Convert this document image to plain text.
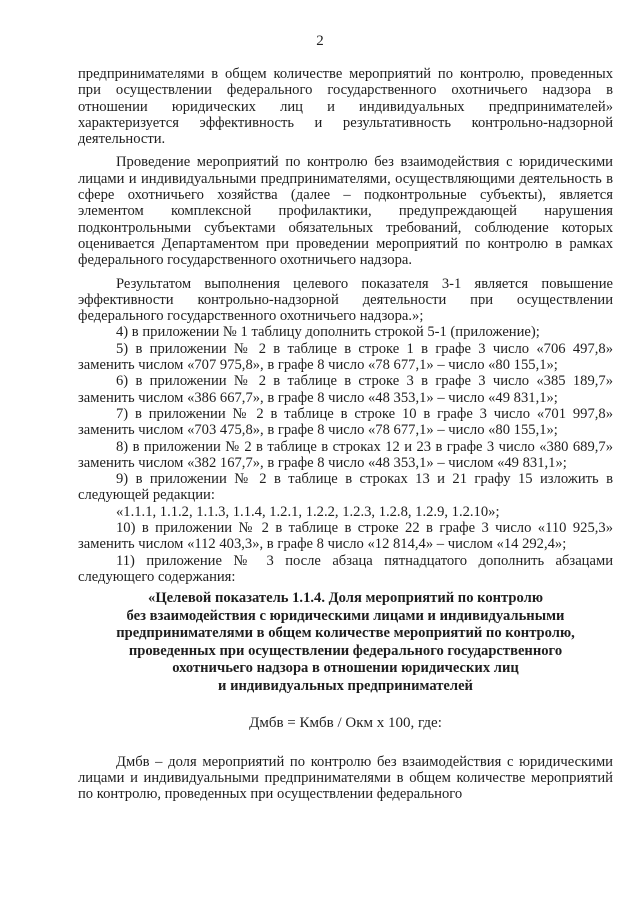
2

предпринимателями в общем количестве мероприятий по контролю, проведенных при осуществлении федерального государственного охотничьего надзора в отношении юридических лиц и индивидуальных предпринимателей» характеризуется эффективность и результативность контрольно-надзорной деятельности.

Проведение мероприятий по контролю без взаимодействия с юридическими лицами и индивидуальными предпринимателями, осуществляющими деятельность в сфере охотничьего хозяйства (далее – подконтрольные субъекты), является элементом комплексной профилактики, предупреждающей нарушения подконтрольными субъектами обязательных требований, соблюдение которых оценивается Департаментом при проведении мероприятий по контролю в рамках федерального государственного охотничьего надзора.

Результатом выполнения целевого показателя 3-1 является повышение эффективности контрольно-надзорной деятельности при осуществлении федерального государственного охотничьего надзора.»;

4) в приложении № 1 таблицу дополнить строкой 5-1 (приложение);

5) в приложении № 2 в таблице в строке 1 в графе 3 число «706 497,8» заменить числом «707 975,8», в графе 8 число «78 677,1» – число «80 155,1»;

6) в приложении № 2 в таблице в строке 3 в графе 3 число «385 189,7» заменить числом «386 667,7», в графе 8 число «48 353,1» – число «49 831,1»;

7) в приложении № 2 в таблице в строке 10 в графе 3 число «701 997,8» заменить числом «703 475,8», в графе 8 число «78 677,1» – число «80 155,1»;

8) в приложении № 2 в таблице в строках 12 и 23 в графе 3 число «380 689,7» заменить числом «382 167,7», в графе 8 число «48 353,1» – числом «49 831,1»;

9) в приложении № 2 в таблице в строках 13 и 21 графу 15 изложить в следующей редакции:

«1.1.1, 1.1.2, 1.1.3, 1.1.4, 1.2.1, 1.2.2, 1.2.3, 1.2.8, 1.2.9, 1.2.10»;

10) в приложении № 2 в таблице в строке 22 в графе 3 число «110 925,3» заменить числом «112 403,3», в графе 8 число «12 814,4» – числом «14 292,4»;

11) приложение № 3 после абзаца пятнадцатого дополнить абзацами следующего содержания:

«Целевой показатель 1.1.4. Доля мероприятий по контролю
без взаимодействия с юридическими лицами и индивидуальными
предпринимателями в общем количестве мероприятий по контролю,
проведенных при осуществлении федерального государственного
охотничьего надзора в отношении юридических лиц
и индивидуальных предпринимателей

Дмбв = Кмбв / Окм х 100, где:

Дмбв – доля мероприятий по контролю без взаимодействия с юридическими лицами и индивидуальными предпринимателями в общем количестве мероприятий по контролю, проведенных при осуществлении федерального
